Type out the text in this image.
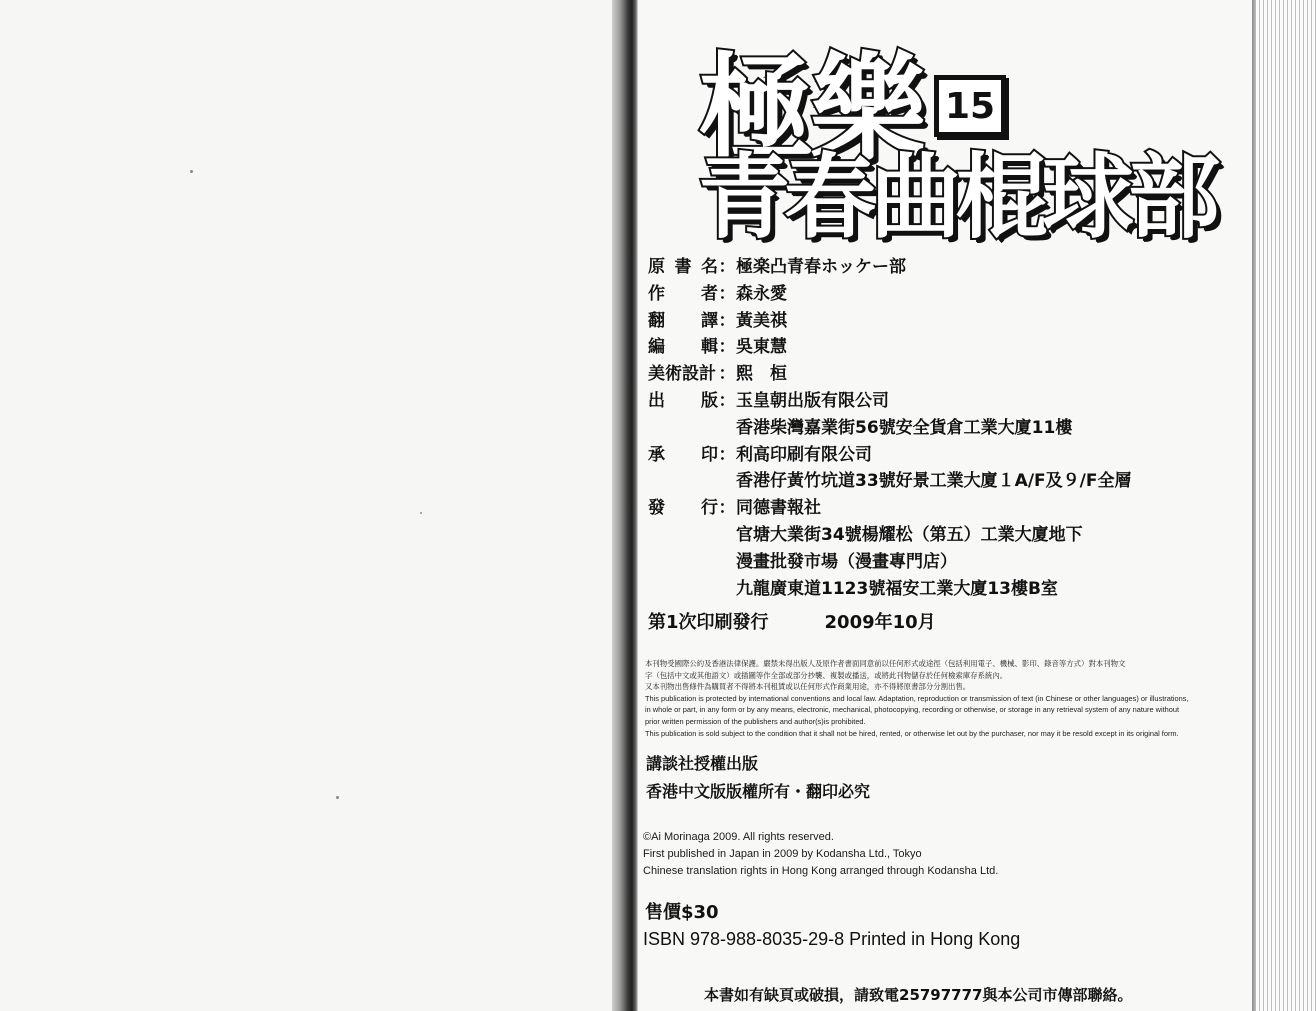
極樂 15
青春曲棍球部
原 書 名 ： 極楽凸青春ホッケー部
作 者 ： 森永愛
翻 譯 ： 黃美祺
編 輯 ： 吳東慧
美術設計 ： 熙　桓
出 版 ： 玉皇朝出版有限公司
香港柴灣嘉業街56號安全貨倉工業大廈11樓
承 印 ： 利高印刷有限公司
香港仔黃竹坑道33號好景工業大廈１A/F及９/F全層
發 行 ： 同德書報社
官塘大業街34號楊耀松（第五）工業大廈地下
漫畫批發市場（漫畫專門店）
九龍廣東道1123號福安工業大廈13樓B室
第1次印刷發行	2009年10月
本刊物受國際公約及香港法律保護。嚴禁未得出版人及原作者書面同意前以任何形式或途徑（包括利用電子、機械、影印、錄音等方式）對本刊物文
字（包括中文或其他語文）或插圖等作全部或部分抄襲、複製或播送，或將此刊物儲存於任何檢索庫存系統內。
又本刊物出售條件為購買者不得將本刊租賃或以任何形式作商業用途，亦不得將原書部分分割出售。
This publication is protected by international conventions and local law. Adaptation, reproduction or transmission of text (in Chinese or other languages) or illustrations,
in whole or part, in any form or by any means, electronic, mechanical, photocopying, recording or otherwise, or storage in any retrieval system of any nature without
prior written permission of the publishers and author(s)is prohibited.
This publication is sold subject to the condition that it shall not be hired, rented, or otherwise let out by the purchaser, nor may it be resold except in its original form.
講談社授權出版
香港中文版版權所有・翻印必究
©Ai Morinaga 2009. All rights reserved.
First published in Japan in 2009 by Kodansha Ltd., Tokyo
Chinese translation rights in Hong Kong arranged through Kodansha Ltd.
售價$30
ISBN 978-988-8035-29-8 Printed in Hong Kong
本書如有缺頁或破損，請致電25797777與本公司市傳部聯絡。
